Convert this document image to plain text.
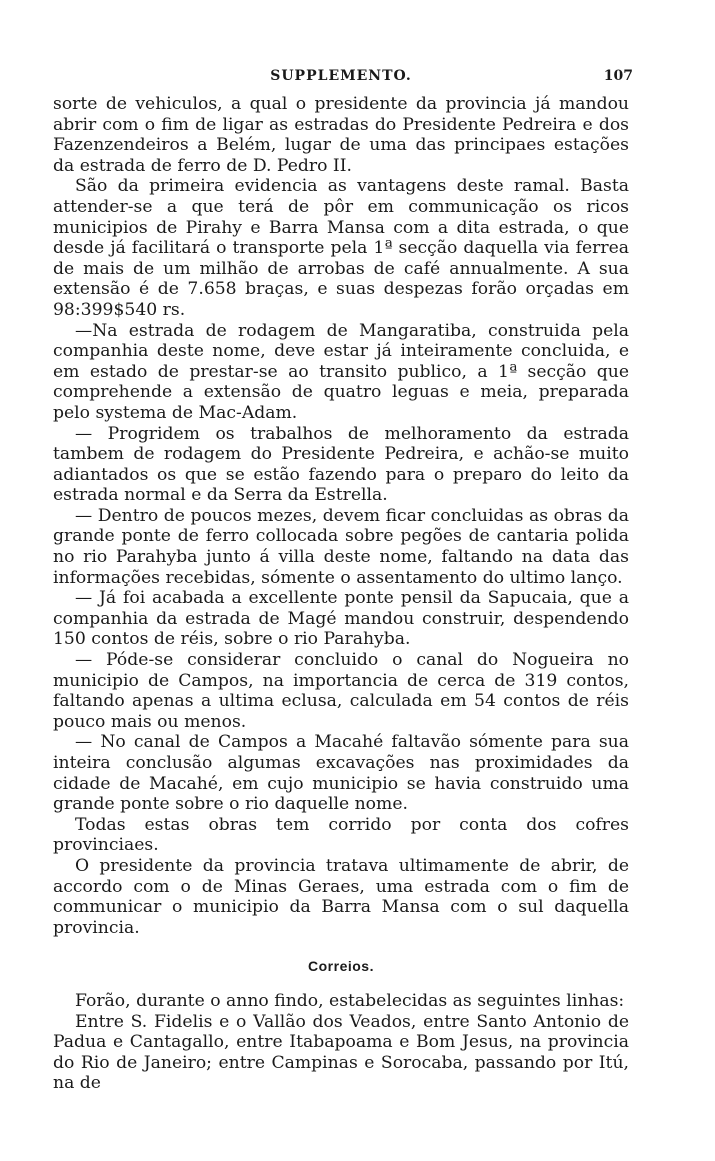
SUPPLEMENTO.	107

sorte de vehiculos, a qual o presidente da provincia já mandou abrir com o fim de ligar as estradas do Presidente Pedreira e dos Fazenzendeiros a Belém, lugar de uma das principaes estações da estrada de ferro de D. Pedro II.

São da primeira evidencia as vantagens deste ramal. Basta attender-se a que terá de pôr em communicação os ricos municipios de Pirahy e Barra Mansa com a dita estrada, o que desde já facilitará o transporte pela 1ª secção daquella via ferrea de mais de um milhão de arrobas de café annualmente. A sua extensão é de 7.658 braças, e suas despezas forão orçadas em 98:399$540 rs.

—Na estrada de rodagem de Mangaratiba, construida pela companhia deste nome, deve estar já inteiramente concluida, e em estado de prestar-se ao transito publico, a 1ª secção que comprehende a extensão de quatro leguas e meia, preparada pelo systema de Mac-Adam.

— Progridem os trabalhos de melhoramento da estrada tambem de rodagem do Presidente Pedreira, e achão-se muito adiantados os que se estão fazendo para o preparo do leito da estrada normal e da Serra da Estrella.

— Dentro de poucos mezes, devem ficar concluidas as obras da grande ponte de ferro collocada sobre pegões de cantaria polida no rio Parahyba junto á villa deste nome, faltando na data das informações recebidas, sómente o assentamento do ultimo lanço.

— Já foi acabada a excellente ponte pensil da Sapucaia, que a companhia da estrada de Magé mandou construir, despendendo 150 contos de réis, sobre o rio Parahyba.

— Póde-se considerar concluido o canal do Nogueira no municipio de Campos, na importancia de cerca de 319 contos, faltando apenas a ultima eclusa, calculada em 54 contos de réis pouco mais ou menos.

— No canal de Campos a Macahé faltavão sómente para sua inteira conclusão algumas excavações nas proximidades da cidade de Macahé, em cujo municipio se havia construido uma grande ponte sobre o rio daquelle nome.

Todas estas obras tem corrido por conta dos cofres provinciaes.

O presidente da provincia tratava ultimamente de abrir, de accordo com o de Minas Geraes, uma estrada com o fim de communicar o municipio da Barra Mansa com o sul daquella provincia.

Correios.

Forão, durante o anno findo, estabelecidas as seguintes linhas:

Entre S. Fidelis e o Vallão dos Veados, entre Santo Antonio de Padua e Cantagallo, entre Itabapoama e Bom Jesus, na provincia do Rio de Janeiro; entre Campinas e Sorocaba, passando por Itú, na de
